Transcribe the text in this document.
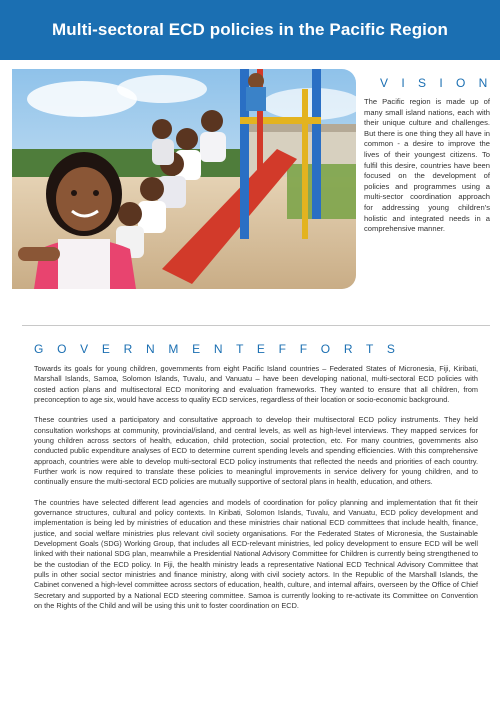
Multi-sectoral ECD policies in the Pacific Region
V I S I O N

The Pacific region is made up of many small island nations, each with their unique culture and challenges. But there is one thing they all have in common - a desire to improve the lives of their youngest citizens. To fulfil this desire, countries have been focused on the development of policies and programmes using a multi-sector coordination approach for addressing young children's holistic and integrated needs in a comprehensive manner.

G O V E R N M E N T E F F O R T S

Towards its goals for young children, governments from eight Pacific Island countries – Federated States of Micronesia, Fiji, Kiribati, Marshall Islands, Samoa, Solomon Islands, Tuvalu, and Vanuatu – have been developing national, multi-sectoral ECD policies with costed action plans and multisectoral ECD monitoring and evaluation frameworks. They wanted to ensure that all children, from preconception to age six, would have access to quality ECD services, regardless of their location or socio-economic background.

These countries used a participatory and consultative approach to develop their multisectoral ECD policy instruments. They held consultation workshops at community, provincial/island, and central levels, as well as high-level interviews. They mapped services for young children across sectors of health, education, child protection, social protection, etc. For many countries, governments also conducted public expenditure analyses of ECD to determine current spending levels and spending efficiencies. With this comprehensive approach, countries were able to develop multi-sectoral ECD policy instruments that reflected the needs and priorities of each country. Further work is now required to translate these policies to meaningful improvements in service delivery for young children, and to continually ensure the multi-sectoral ECD policies are mutually supportive of sectoral plans in health, education, and others.

The countries have selected different lead agencies and models of coordination for policy planning and implementation that fit their governance structures, cultural and policy contexts. In Kiribati, Solomon Islands, Tuvalu, and Vanuatu, ECD policy development and implementation is being led by ministries of education and these ministries chair national ECD committees that include health, finance, justice, and social welfare ministries plus relevant civil society organisations. For the Federated States of Micronesia, the Sustainable Development Goals (SDG) Working Group, that includes all ECD-relevant ministries, led policy development to ensure ECD will be well linked with their national SDG plan, meanwhile a Presidential National Advisory Committee for Children is currently being strengthened to be the custodian of the ECD policy. In Fiji, the health ministry leads a representative National ECD Technical Advisory Committee that pulls in other social sector ministries and finance ministry, along with civil society actors. In the Republic of the Marshall Islands, the Cabinet convened a high-level committee across sectors of education, health, culture, and internal affairs, overseen by the Office of Chief Secretary and supported by a National ECD steering committee. Samoa is currently looking to re-activate its Committee on Convention on the Rights of the Child and will be using this unit to foster coordination on ECD.
